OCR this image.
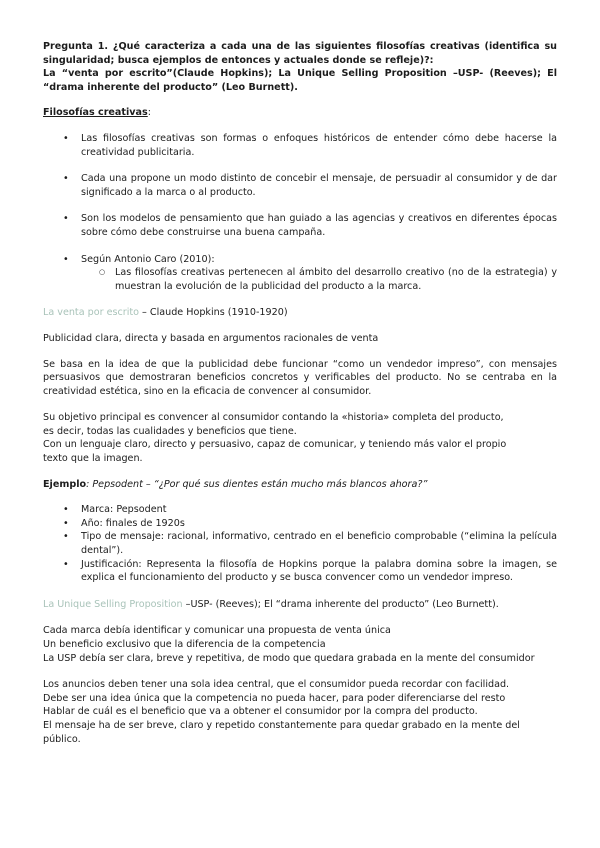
Pregunta 1. ¿Qué caracteriza a cada una de las siguientes filosofías creativas (identifica su singularidad; busca ejemplos de entonces y actuales donde se refleje)?:

La “venta por escrito”(Claude Hopkins); La Unique Selling Proposition –USP- (Reeves); El “drama inherente del producto” (Leo Burnett).

Filosofías creativas:

• Las filosofías creativas son formas o enfoques históricos de entender cómo debe hacerse la creatividad publicitaria.
• Cada una propone un modo distinto de concebir el mensaje, de persuadir al consumidor y de dar significado a la marca o al producto.
• Son los modelos de pensamiento que han guiado a las agencias y creativos en diferentes épocas sobre cómo debe construirse una buena campaña.
• Según Antonio Caro (2010):
○ Las filosofías creativas pertenecen al ámbito del desarrollo creativo (no de la estrategia) y muestran la evolución de la publicidad del producto a la marca.

La venta por escrito – Claude Hopkins (1910-1920)

Publicidad clara, directa y basada en argumentos racionales de venta

Se basa en la idea de que la publicidad debe funcionar “como un vendedor impreso”, con mensajes persuasivos que demostraran beneficios concretos y verificables del producto. No se centraba en la creatividad estética, sino en la eficacia de convencer al consumidor.

Su objetivo principal es convencer al consumidor contando la «historia» completa del producto,
es decir, todas las cualidades y beneficios que tiene.
Con un lenguaje claro, directo y persuasivo, capaz de comunicar, y teniendo más valor el propio
texto que la imagen.

Ejemplo: Pepsodent – “¿Por qué sus dientes están mucho más blancos ahora?”

• Marca: Pepsodent
• Año: finales de 1920s
• Tipo de mensaje: racional, informativo, centrado en el beneficio comprobable (“elimina la película dental”).
• Justificación: Representa la filosofía de Hopkins porque la palabra domina sobre la imagen, se explica el funcionamiento del producto y se busca convencer como un vendedor impreso.

La Unique Selling Proposition –USP- (Reeves); El “drama inherente del producto” (Leo Burnett).

Cada marca debía identificar y comunicar una propuesta de venta única
Un beneficio exclusivo que la diferencia de la competencia
La USP debía ser clara, breve y repetitiva, de modo que quedara grabada en la mente del consumidor

Los anuncios deben tener una sola idea central, que el consumidor pueda recordar con facilidad.
Debe ser una idea única que la competencia no pueda hacer, para poder diferenciarse del resto
Hablar de cuál es el beneficio que va a obtener el consumidor por la compra del producto.
El mensaje ha de ser breve, claro y repetido constantemente para quedar grabado en la mente del público.
